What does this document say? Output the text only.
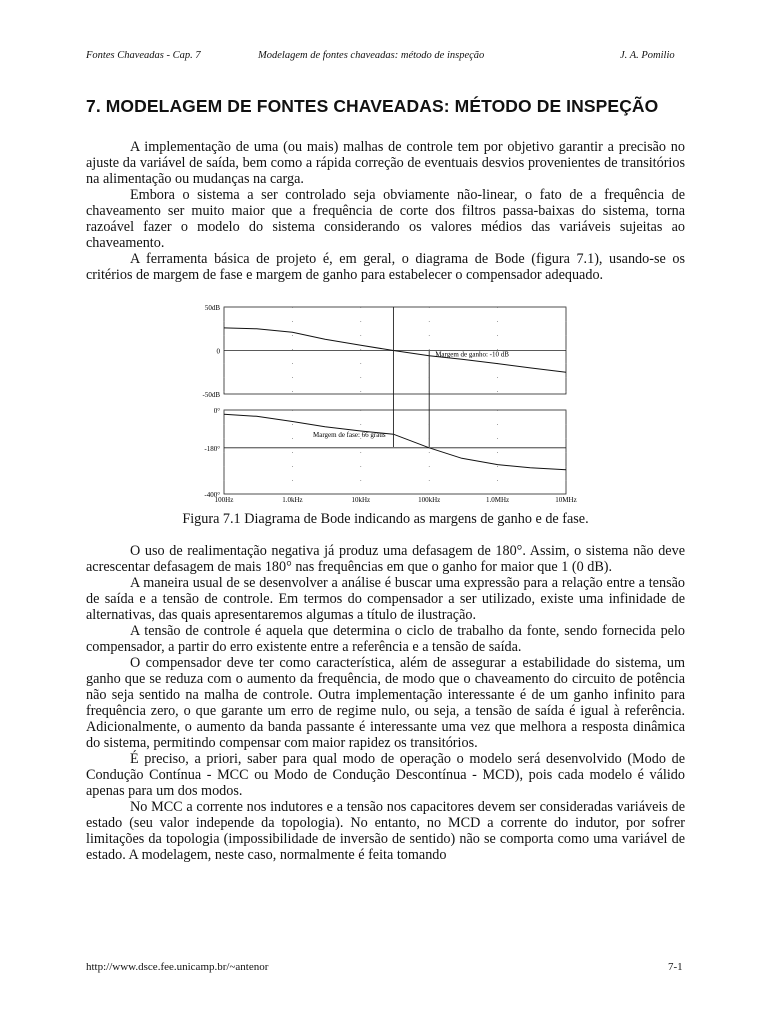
Fontes Chaveadas - Cap. 7	Modelagem de fontes chaveadas: método de inspeção	J. A. Pomilio
7. MODELAGEM DE FONTES CHAVEADAS: MÉTODO DE INSPEÇÃO

A implementação de uma (ou mais) malhas de controle tem por objetivo garantir a precisão no ajuste da variável de saída, bem como a rápida correção de eventuais desvios provenientes de transitórios na alimentação ou mudanças na carga.

Embora o sistema a ser controlado seja obviamente não-linear, o fato de a frequência de chaveamento ser muito maior que a frequência de corte dos filtros passa-baixas do sistema, torna razoável fazer o modelo do sistema considerando os valores médios das variáveis sujeitas ao chaveamento.

A ferramenta básica de projeto é, em geral, o diagrama de Bode (figura 7.1), usando-se os critérios de margem de fase e margem de ganho para estabelecer o compensador adequado.

100Hz	1.0kHz	10kHz	100kHz	1.0MHz	10MHz
50dB
0
-50dB
Margem de ganho: -10 dB
0°
-180°
-400°
Margem de fase: 66 graus
Figura 7.1 Diagrama de Bode indicando as margens de ganho e de fase.

O uso de realimentação negativa já produz uma defasagem de 180°. Assim, o sistema não deve acrescentar defasagem de mais 180° nas frequências em que o ganho for maior que 1 (0 dB).

A maneira usual de se desenvolver a análise é buscar uma expressão para a relação entre a tensão de saída e a tensão de controle. Em termos do compensador a ser utilizado, existe uma infinidade de alternativas, das quais apresentaremos algumas a título de ilustração.

A tensão de controle é aquela que determina o ciclo de trabalho da fonte, sendo fornecida pelo compensador, a partir do erro existente entre a referência e a tensão de saída.

O compensador deve ter como característica, além de assegurar a estabilidade do sistema, um ganho que se reduza com o aumento da frequência, de modo que o chaveamento do circuito de potência não seja sentido na malha de controle. Outra implementação interessante é de um ganho infinito para frequência zero, o que garante um erro de regime nulo, ou seja, a tensão de saída é igual à referência. Adicionalmente, o aumento da banda passante é interessante uma vez que melhora a resposta dinâmica do sistema, permitindo compensar com maior rapidez os transitórios.

É preciso, a priori, saber para qual modo de operação o modelo será desenvolvido (Modo de Condução Contínua - MCC ou Modo de Condução Descontínua - MCD), pois cada modelo é válido apenas para um dos modos.

No MCC a corrente nos indutores e a tensão nos capacitores devem ser consideradas variáveis de estado (seu valor independe da topologia). No entanto, no MCD a corrente do indutor, por sofrer limitações da topologia (impossibilidade de inversão de sentido) não se comporta como uma variável de estado. A modelagem, neste caso, normalmente é feita tomando

http://www.dsce.fee.unicamp.br/~antenor	7-1
